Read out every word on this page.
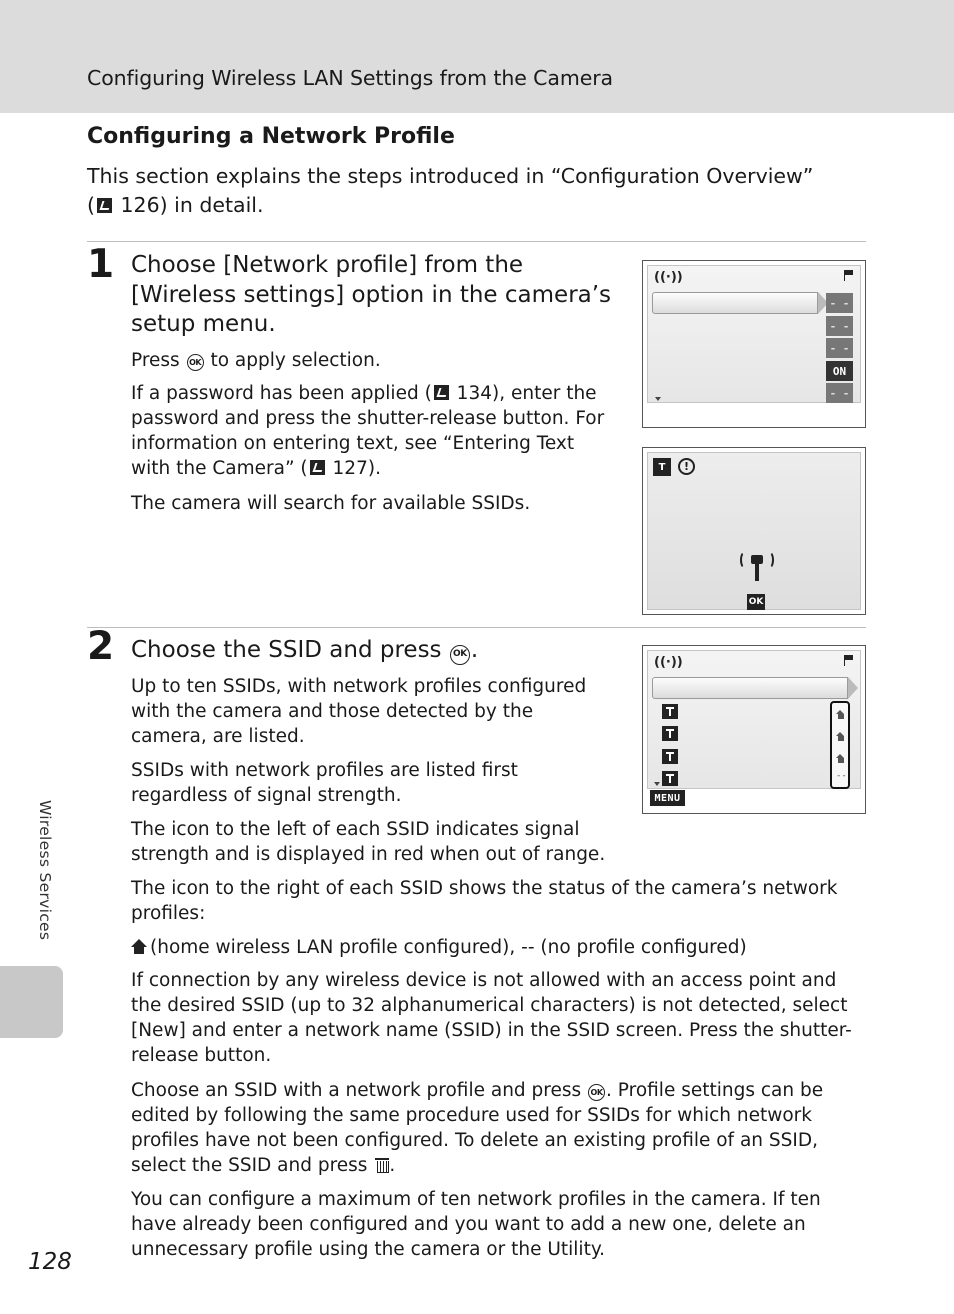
Configuring Wireless LAN Settings from the Camera
Configuring a Network Profile
This section explains the steps introduced in “Configuration Overview”
( 126) in detail.
1 Choose [Network profile] from the [Wireless settings] option in the camera’s setup menu.
Press OK to apply selection.
If a password has been applied ( 134), enter the password and press the shutter-release button. For information on entering text, see “Entering Text with the Camera” ( 127).
The camera will search for available SSIDs.
((·))
- -
- -
- -
ON
- -
T	!
OK
2 Choose the SSID and press OK .
Up to ten SSIDs, with network profiles configured with the camera and those detected by the camera, are listed.
SSIDs with network profiles are listed first regardless of signal strength.
The icon to the left of each SSID indicates signal strength and is displayed in red when out of range.
The icon to the right of each SSID shows the status of the camera’s network profiles:
(home wireless LAN profile configured), -- (no profile configured)
If connection by any wireless device is not allowed with an access point and the desired SSID (up to 32 alphanumerical characters) is not detected, select [New] and enter a network name (SSID) in the SSID screen. Press the shutter-release button.
Choose an SSID with a network profile and press OK . Profile settings can be edited by following the same procedure used for SSIDs for which network profiles have not been configured. To delete an existing profile of an SSID, select the SSID and press .
You can configure a maximum of ten network profiles in the camera. If ten have already been configured and you want to add a new one, delete an unnecessary profile using the camera or the Utility.
((·))
--
MENU
Wireless Services
128
